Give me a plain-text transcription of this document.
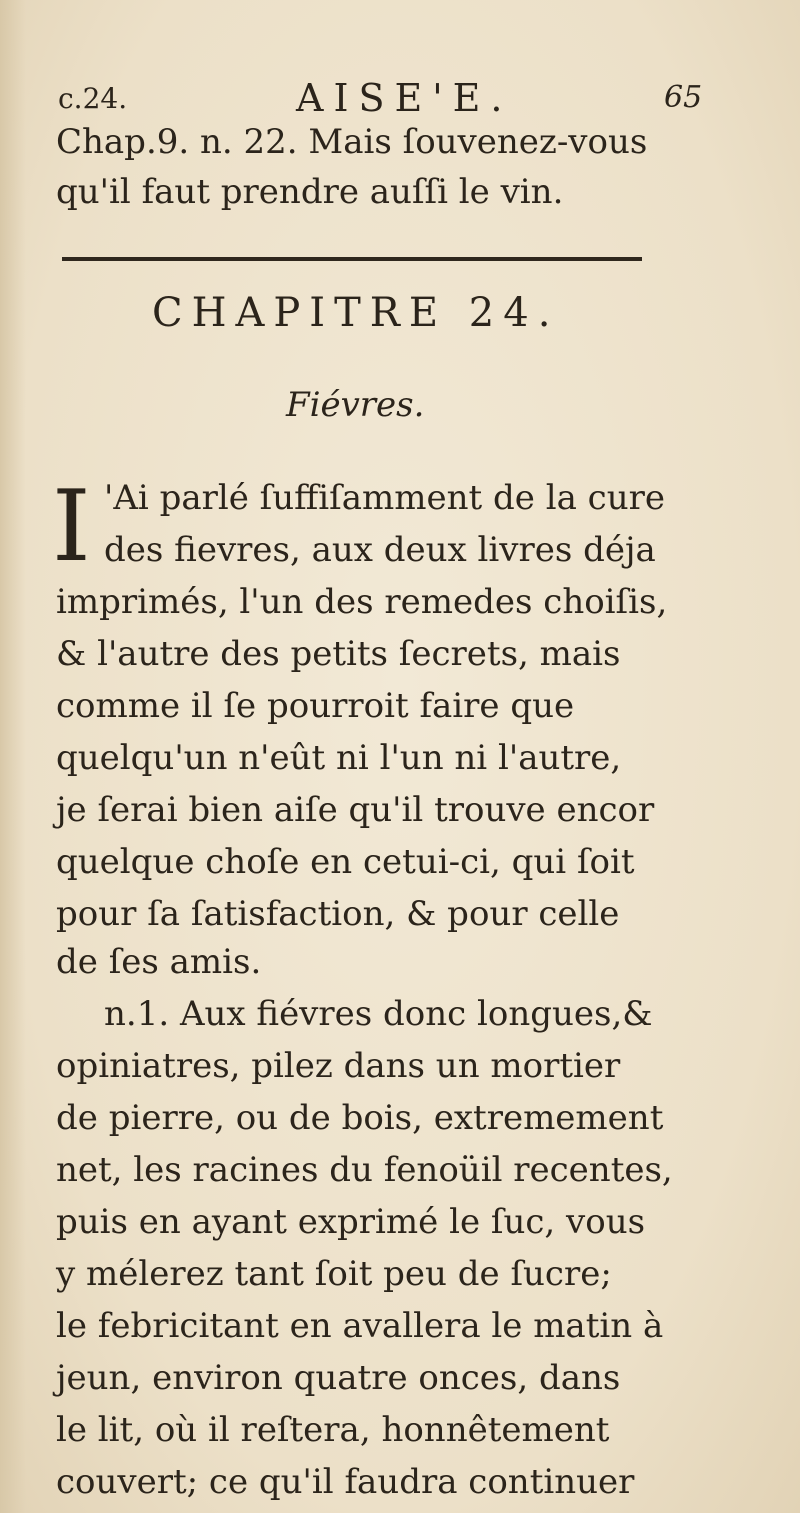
c.24.	AISE'E.	65
Chap.9. n. 22. Mais ſouvenez-vous
qu'il faut prendre auſſi le vin.
CHAPITRE 24.
Fiévres.
I 'Ai parlé ſuffiſamment de la cure
des fievres, aux deux livres déja
imprimés, l'un des remedes choiſis,
& l'autre des petits ſecrets, mais
comme il ſe pourroit faire que
quelqu'un n'eût ni l'un ni l'autre,
je ſerai bien aiſe qu'il trouve encor
quelque choſe en cetui-ci, qui ſoit
pour ſa ſatisfaction, & pour celle
de ſes amis.
n.1. Aux fiévres donc longues,&
opiniatres, pilez dans un mortier
de pierre, ou de bois, extremement
net, les racines du fenoüil recentes,
puis en ayant exprimé le ſuc, vous
y mélerez tant ſoit peu de ſucre;
le febricitant en avallera le matin à
jeun, environ quatre onces, dans
le lit, où il reſtera, honnêtement
couvert; ce qu'il faudra continuer
